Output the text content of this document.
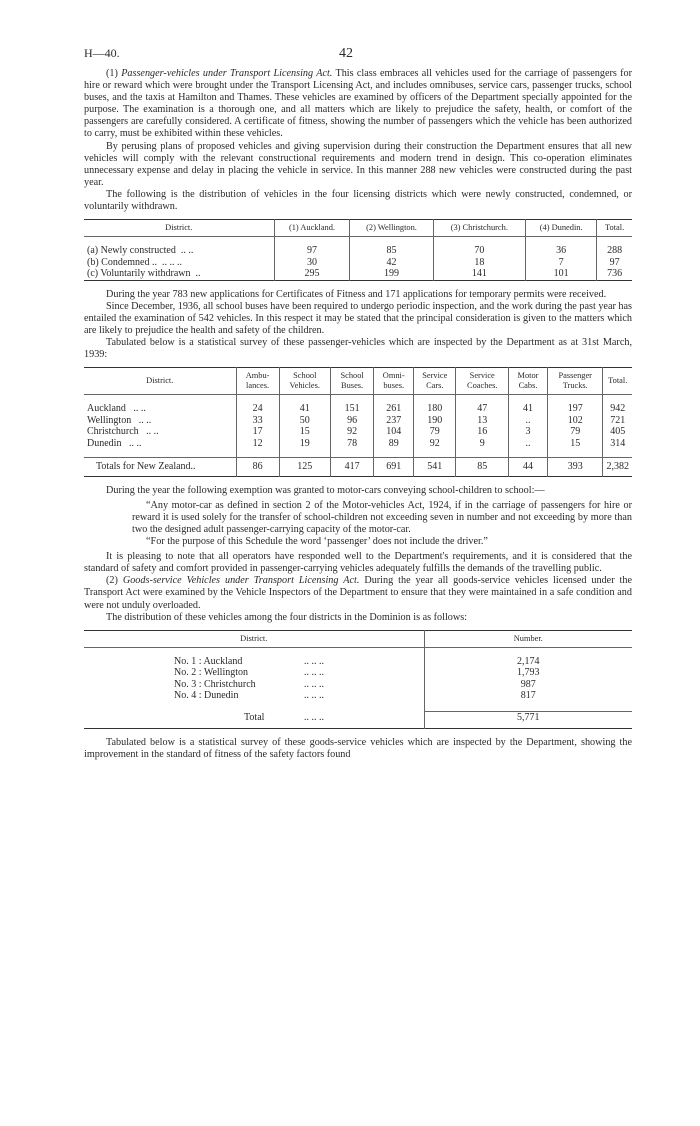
H—40.	42

(1) Passenger-vehicles under Transport Licensing Act. This class embraces all vehicles used for the carriage of passengers for hire or reward which were brought under the Transport Licensing Act, and includes omnibuses, service cars, passenger trucks, school buses, and the taxis at Hamilton and Thames. These vehicles are examined by officers of the Department specially appointed for the purpose. The examination is a thorough one, and all matters which are likely to prejudice the safety, health, or comfort of the passengers are carefully considered. A certificate of fitness, showing the number of passengers which the vehicle has been authorized to carry, must be exhibited within these vehicles.

By perusing plans of proposed vehicles and giving supervision during their construction the Department ensures that all new vehicles will comply with the relevant constructional requirements and modern trend in design. This co-operation eliminates unnecessary expense and delay in placing the vehicle in service. In this manner 288 new vehicles were constructed during the past year.

The following is the distribution of vehicles in the four licensing districts which were newly constructed, condemned, or voluntarily withdrawn.

District.	(1) Auckland.	(2) Wellington.	(3) Christchurch.	(4) Dunedin.	Total.

(a) Newly constructed .. ..	97	85	70	36	288
(b) Condemned .. .. .. ..	30	42	18	7	97
(c) Voluntarily withdrawn ..	295	199	141	101	736

During the year 783 new applications for Certificates of Fitness and 171 applications for temporary permits were received.

Since December, 1936, all school buses have been required to undergo periodic inspection, and the work during the past year has entailed the examination of 542 vehicles. In this respect it may be stated that the principal consideration is given to the matters which are likely to prejudice the health and safety of the children.

Tabulated below is a statistical survey of these passenger-vehicles which are inspected by the Department as at 31st March, 1939:

District.	Ambu-lances.	School Vehicles.	School Buses.	Omni-buses.	Service Cars.	Service Coaches.	Motor Cabs.	Passenger Trucks.	Total.

Auckland .. ..	24	41	151	261	180	47	41	197	942
Wellington .. ..	33	50	96	237	190	13	..	102	721
Christchurch .. ..	17	15	92	104	79	16	3	79	405
Dunedin .. ..	12	19	78	89	92	9	..	15	314

Totals for New Zealand..	86	125	417	691	541	85	44	393	2,382

During the year the following exemption was granted to motor-cars conveying school-children to school:—

“Any motor-car as defined in section 2 of the Motor-vehicles Act, 1924, if in the carriage of passengers for hire or reward it is used solely for the transfer of school-children not exceeding seven in number and not exceeding by more than two the designed adult passenger-carrying capacity of the motor-car.

“For the purpose of this Schedule the word ‘passenger’ does not include the driver.”

It is pleasing to note that all operators have responded well to the Department's requirements, and it is considered that the standard of safety and comfort provided in passenger-carrying vehicles adequately fulfills the demands of the travelling public.

(2) Goods-service Vehicles under Transport Licensing Act. During the year all goods-service vehicles licensed under the Transport Act were examined by the Vehicle Inspectors of the Department to ensure that they were maintained in a safe condition and were not unduly overloaded.

The distribution of these vehicles among the four districts in the Dominion is as follows:

District.	Number.

No. 1 : Auckland .. .. ..	2,174
No. 2 : Wellington .. .. ..	1,793
No. 3 : Christchurch .. .. ..	987
No. 4 : Dunedin .. .. ..	817

Total .. .. ..	5,771

Tabulated below is a statistical survey of these goods-service vehicles which are inspected by the Department, showing the improvement in the standard of fitness of the safety factors found
